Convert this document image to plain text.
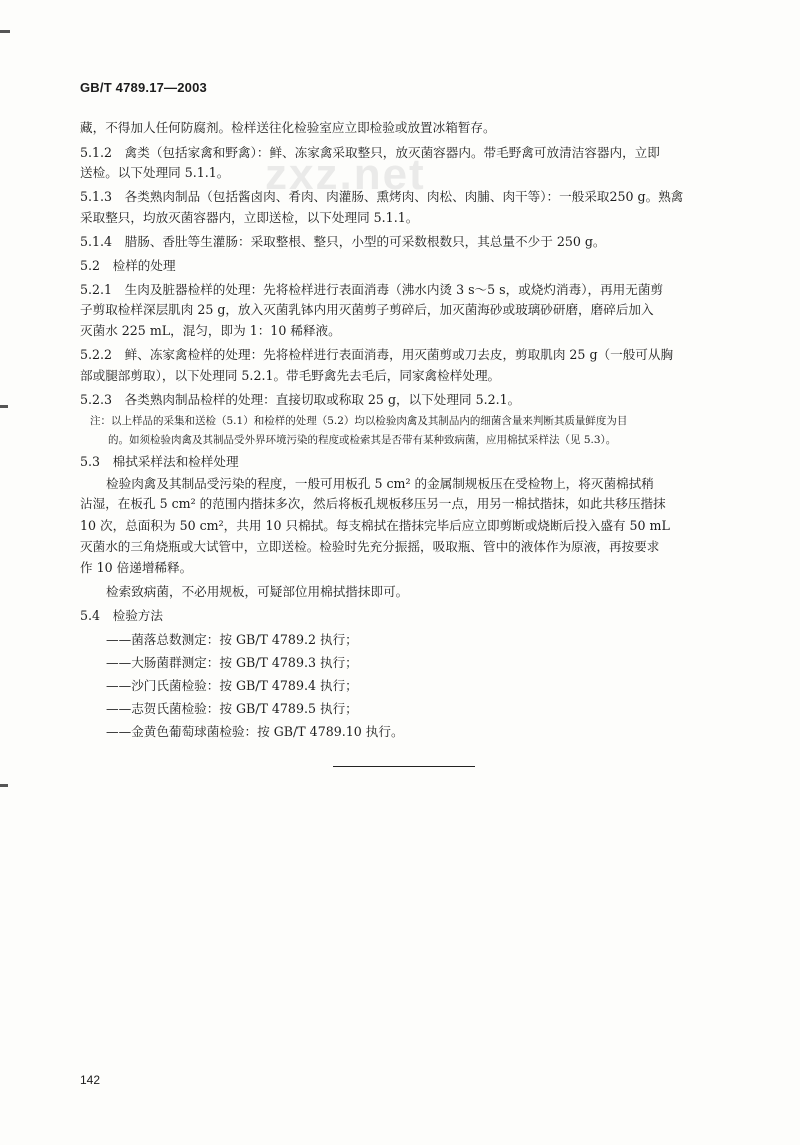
zxz.net
GB/T 4789.17—2003
藏，不得加人任何防腐剂。检样送往化检验室应立即检验或放置冰箱暂存。
5.1.2　禽类（包括家禽和野禽）：鲜、冻家禽采取整只，放灭菌容器内。带毛野禽可放清洁容器内，立即
送检。以下处理同 5.1.1。
5.1.3　各类熟肉制品（包括酱卤肉、肴肉、肉灌肠、熏烤肉、肉松、肉脯、肉干等）：一般采取250 g。熟禽
采取整只，均放灭菌容器内，立即送检，以下处理同 5.1.1。
5.1.4　腊肠、香肚等生灌肠：采取整根、整只，小型的可采数根数只，其总量不少于 250 g。
5.2　检样的处理
5.2.1　生肉及脏器检样的处理：先将检样进行表面消毒（沸水内烫 3 s～5 s，或烧灼消毒），再用无菌剪
子剪取检样深层肌肉 25 g，放入灭菌乳钵内用灭菌剪子剪碎后，加灭菌海砂或玻璃砂研磨，磨碎后加入
灭菌水 225 mL，混匀，即为 1：10 稀释液。
5.2.2　鲜、冻家禽检样的处理：先将检样进行表面消毒，用灭菌剪或刀去皮，剪取肌肉 25 g（一般可从胸
部或腿部剪取），以下处理同 5.2.1。带毛野禽先去毛后，同家禽检样处理。
5.2.3　各类熟肉制品检样的处理：直接切取或称取 25 g，以下处理同 5.2.1。
注：以上样品的采集和送检（5.1）和检样的处理（5.2）均以检验肉禽及其制品内的细菌含量来判断其质量鲜度为目
的。如须检验肉禽及其制品受外界环境污染的程度或检索其是否带有某种致病菌，应用棉拭采样法（见 5.3）。
5.3　棉拭采样法和检样处理
检验肉禽及其制品受污染的程度，一般可用板孔 5 cm² 的金属制规板压在受检物上，将灭菌棉拭稍
沾湿，在板孔 5 cm² 的范围内揩抹多次，然后将板孔规板移压另一点，用另一棉拭揩抹，如此共移压揩抹
10 次，总面积为 50 cm²，共用 10 只棉拭。每支棉拭在揩抹完毕后应立即剪断或烧断后投入盛有 50 mL
灭菌水的三角烧瓶或大试管中，立即送检。检验时先充分振摇，吸取瓶、管中的液体作为原液，再按要求
作 10 倍递增稀释。
检索致病菌，不必用规板，可疑部位用棉拭揩抹即可。
5.4　检验方法
——菌落总数测定：按 GB/T 4789.2 执行；
——大肠菌群测定：按 GB/T 4789.3 执行；
——沙门氏菌检验：按 GB/T 4789.4 执行；
——志贺氏菌检验：按 GB/T 4789.5 执行；
——金黄色葡萄球菌检验：按 GB/T 4789.10 执行。
142
